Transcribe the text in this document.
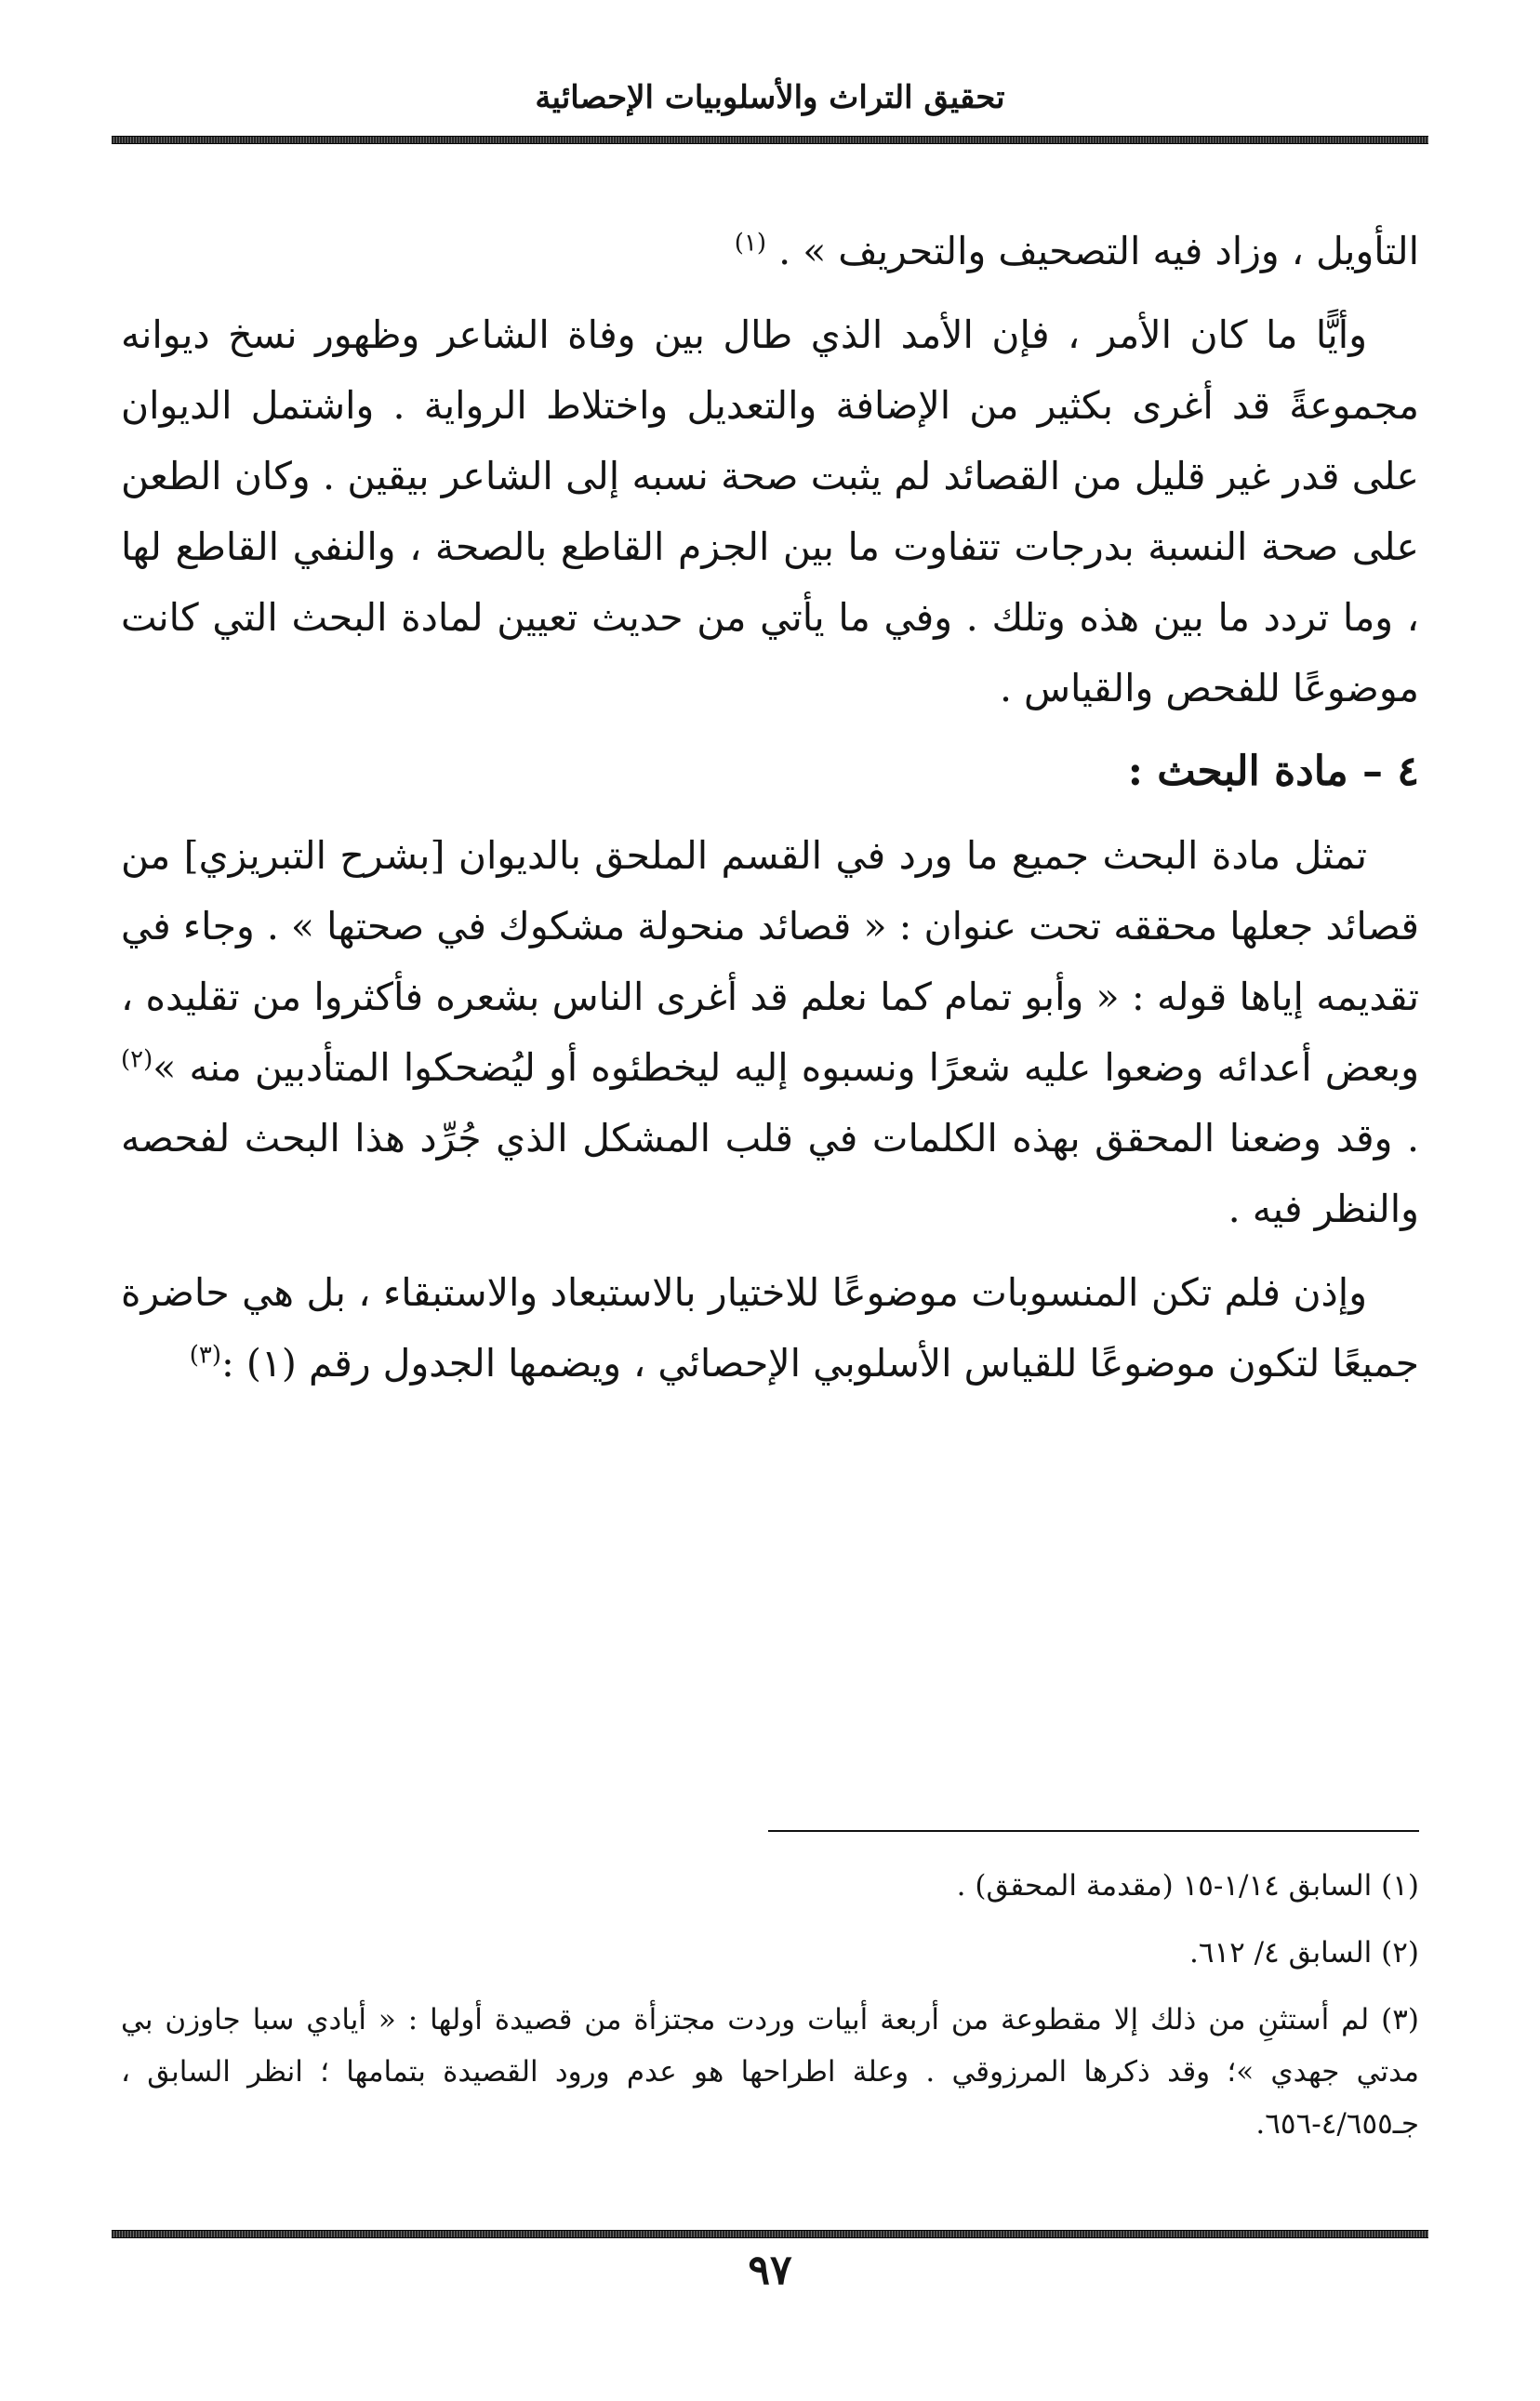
تحقيق التراث والأسلوبيات الإحصائية

التأويل ، وزاد فيه التصحيف والتحريف » . $^{(١)}$

وأيًّا ما كان الأمر ، فإن الأمد الذي طال بين وفاة الشاعر وظهور نسخ ديوانه مجموعةً قد أغرى بكثير من الإضافة والتعديل واختلاط الرواية . واشتمل الديوان على قدر غير قليل من القصائد لم يثبت صحة نسبه إلى الشاعر بيقين . وكان الطعن على صحة النسبة بدرجات تتفاوت ما بين الجزم القاطع بالصحة ، والنفي القاطع لها ، وما تردد ما بين هذه وتلك . وفي ما يأتي من حديث تعيين لمادة البحث التي كانت موضوعًا للفحص والقياس .

٤ – مادة البحث :

تمثل مادة البحث جميع ما ورد في القسم الملحق بالديوان [بشرح التبريزي] من قصائد جعلها محققه تحت عنوان : « قصائد منحولة مشكوك في صحتها » . وجاء في تقديمه إياها قوله : « وأبو تمام كما نعلم قد أغرى الناس بشعره فأكثروا من تقليده ، وبعض أعدائه وضعوا عليه شعرًا ونسبوه إليه ليخطئوه أو ليُضحكوا المتأدبين منه »$^{(٢)}$ . وقد وضعنا المحقق بهذه الكلمات في قلب المشكل الذي جُرِّد هذا البحث لفحصه والنظر فيه .

وإذن فلم تكن المنسوبات موضوعًا للاختيار بالاستبعاد والاستبقاء ، بل هي حاضرة جميعًا لتكون موضوعًا للقياس الأسلوبي الإحصائي ، ويضمها الجدول رقم (١) :$^{(٣)}$

(١) السابق ١/١٤-١٥ (مقدمة المحقق) .

(٢) السابق ٤/ ٦١٢.

(٣) لم أستثنِ من ذلك إلا مقطوعة من أربعة أبيات وردت مجتزأة من قصيدة أولها : « أيادي سبا جاوزن بي مدتي جهدي »؛ وقد ذكرها المرزوقي . وعلة اطراحها هو عدم ورود القصيدة بتمامها ؛ انظر السابق ، جـ٤/٦٥٥-٦٥٦.

٩٧
